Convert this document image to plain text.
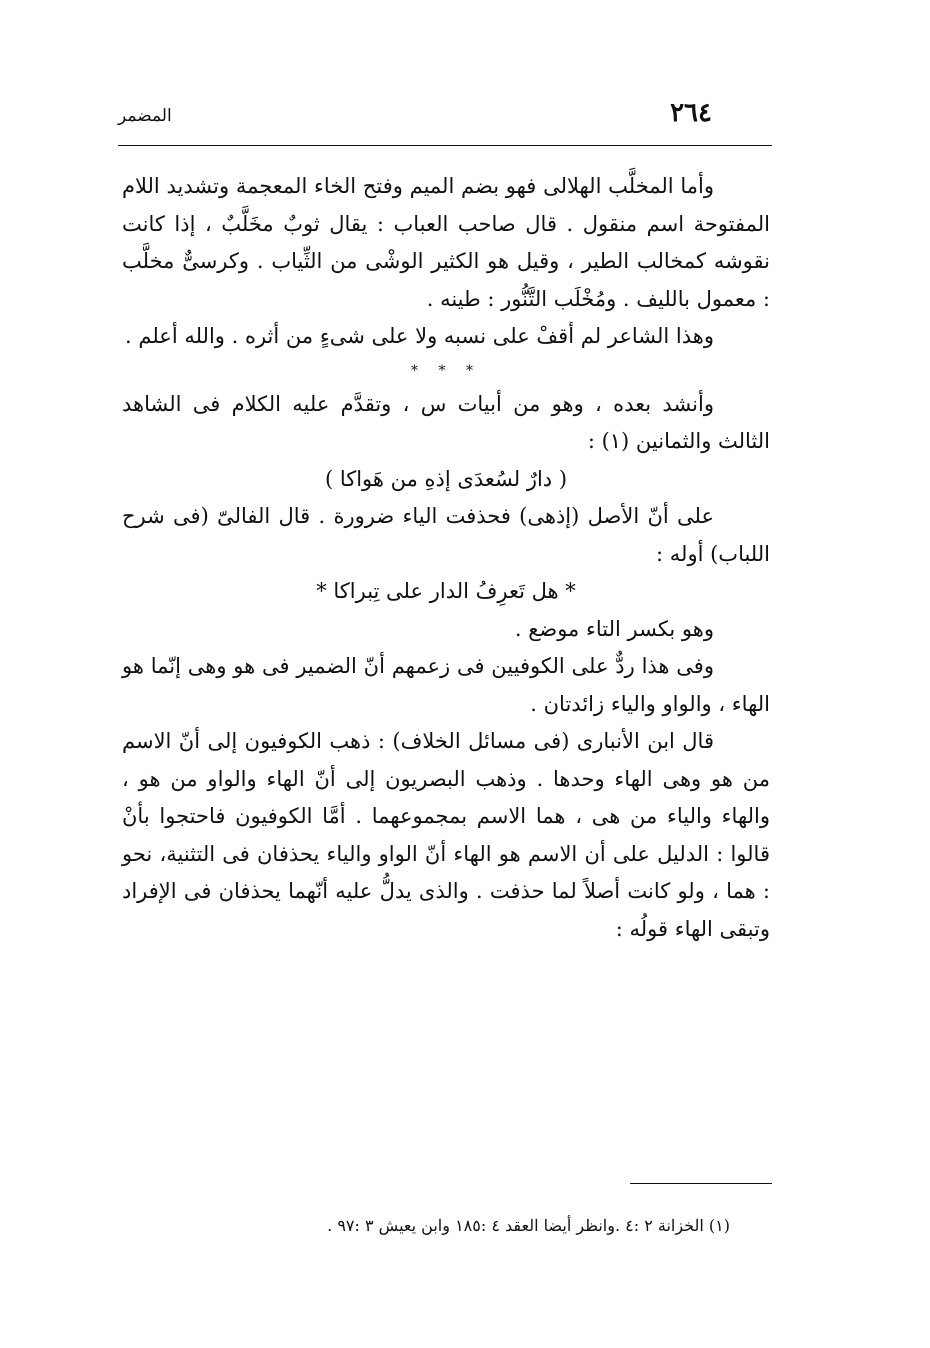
٢٦٤
المضمر

وأما المخلَّب الهلالى فهو بضم الميم وفتح الخاء المعجمة وتشديد اللام المفتوحة اسم منقول . قال صاحب العباب : يقال ثوبٌ مخَلَّبٌ ، إذا كانت نقوشه كمخالب الطير ، وقيل هو الكثير الوشْى من الثِّياب . وكرسىٌّ مخلَّب : معمول بالليف . ومُخْلَب التَّنُّور : طينه .

وهذا الشاعر لم أقفْ على نسبه ولا على شىءٍ من أثره . والله أعلم .

* * *

وأنشد بعده ، وهو من أبيات س ، وتقدَّم عليه الكلام فى الشاهد الثالث والثمانين (١) :

( دارٌ لسُعدَى إذهِ من هَواكا )

على أنّ الأصل (إذهى) فحذفت الياء ضرورة . قال الفالىّ (فى شرح اللباب) أوله :

* هل تَعرِفُ الدار على تِبراكا *

وهو بكسر التاء موضع .

وفى هذا ردٌّ على الكوفيين فى زعمهم أنّ الضمير فى هو وهى إنّما هو الهاء ، والواو والياء زائدتان .

قال ابن الأنبارى (فى مسائل الخلاف) : ذهب الكوفيون إلى أنّ الاسم من هو وهى الهاء وحدها . وذهب البصريون إلى أنّ الهاء والواو من هو ، والهاء والياء من هى ، هما الاسم بمجموعهما . أمَّا الكوفيون فاحتجوا بأنْ قالوا : الدليل على أن الاسم هو الهاء أنّ الواو والياء يحذفان فى التثنية، نحو : هما ، ولو كانت أصلاً لما حذفت . والذى يدلُّ عليه أنّهما يحذفان فى الإفراد وتبقى الهاء قولُه :

(١) الخزانة ٢ :٤ .وانظر أيضا العقد ٤ :١٨٥ وابن يعيش ٣ :٩٧ .
